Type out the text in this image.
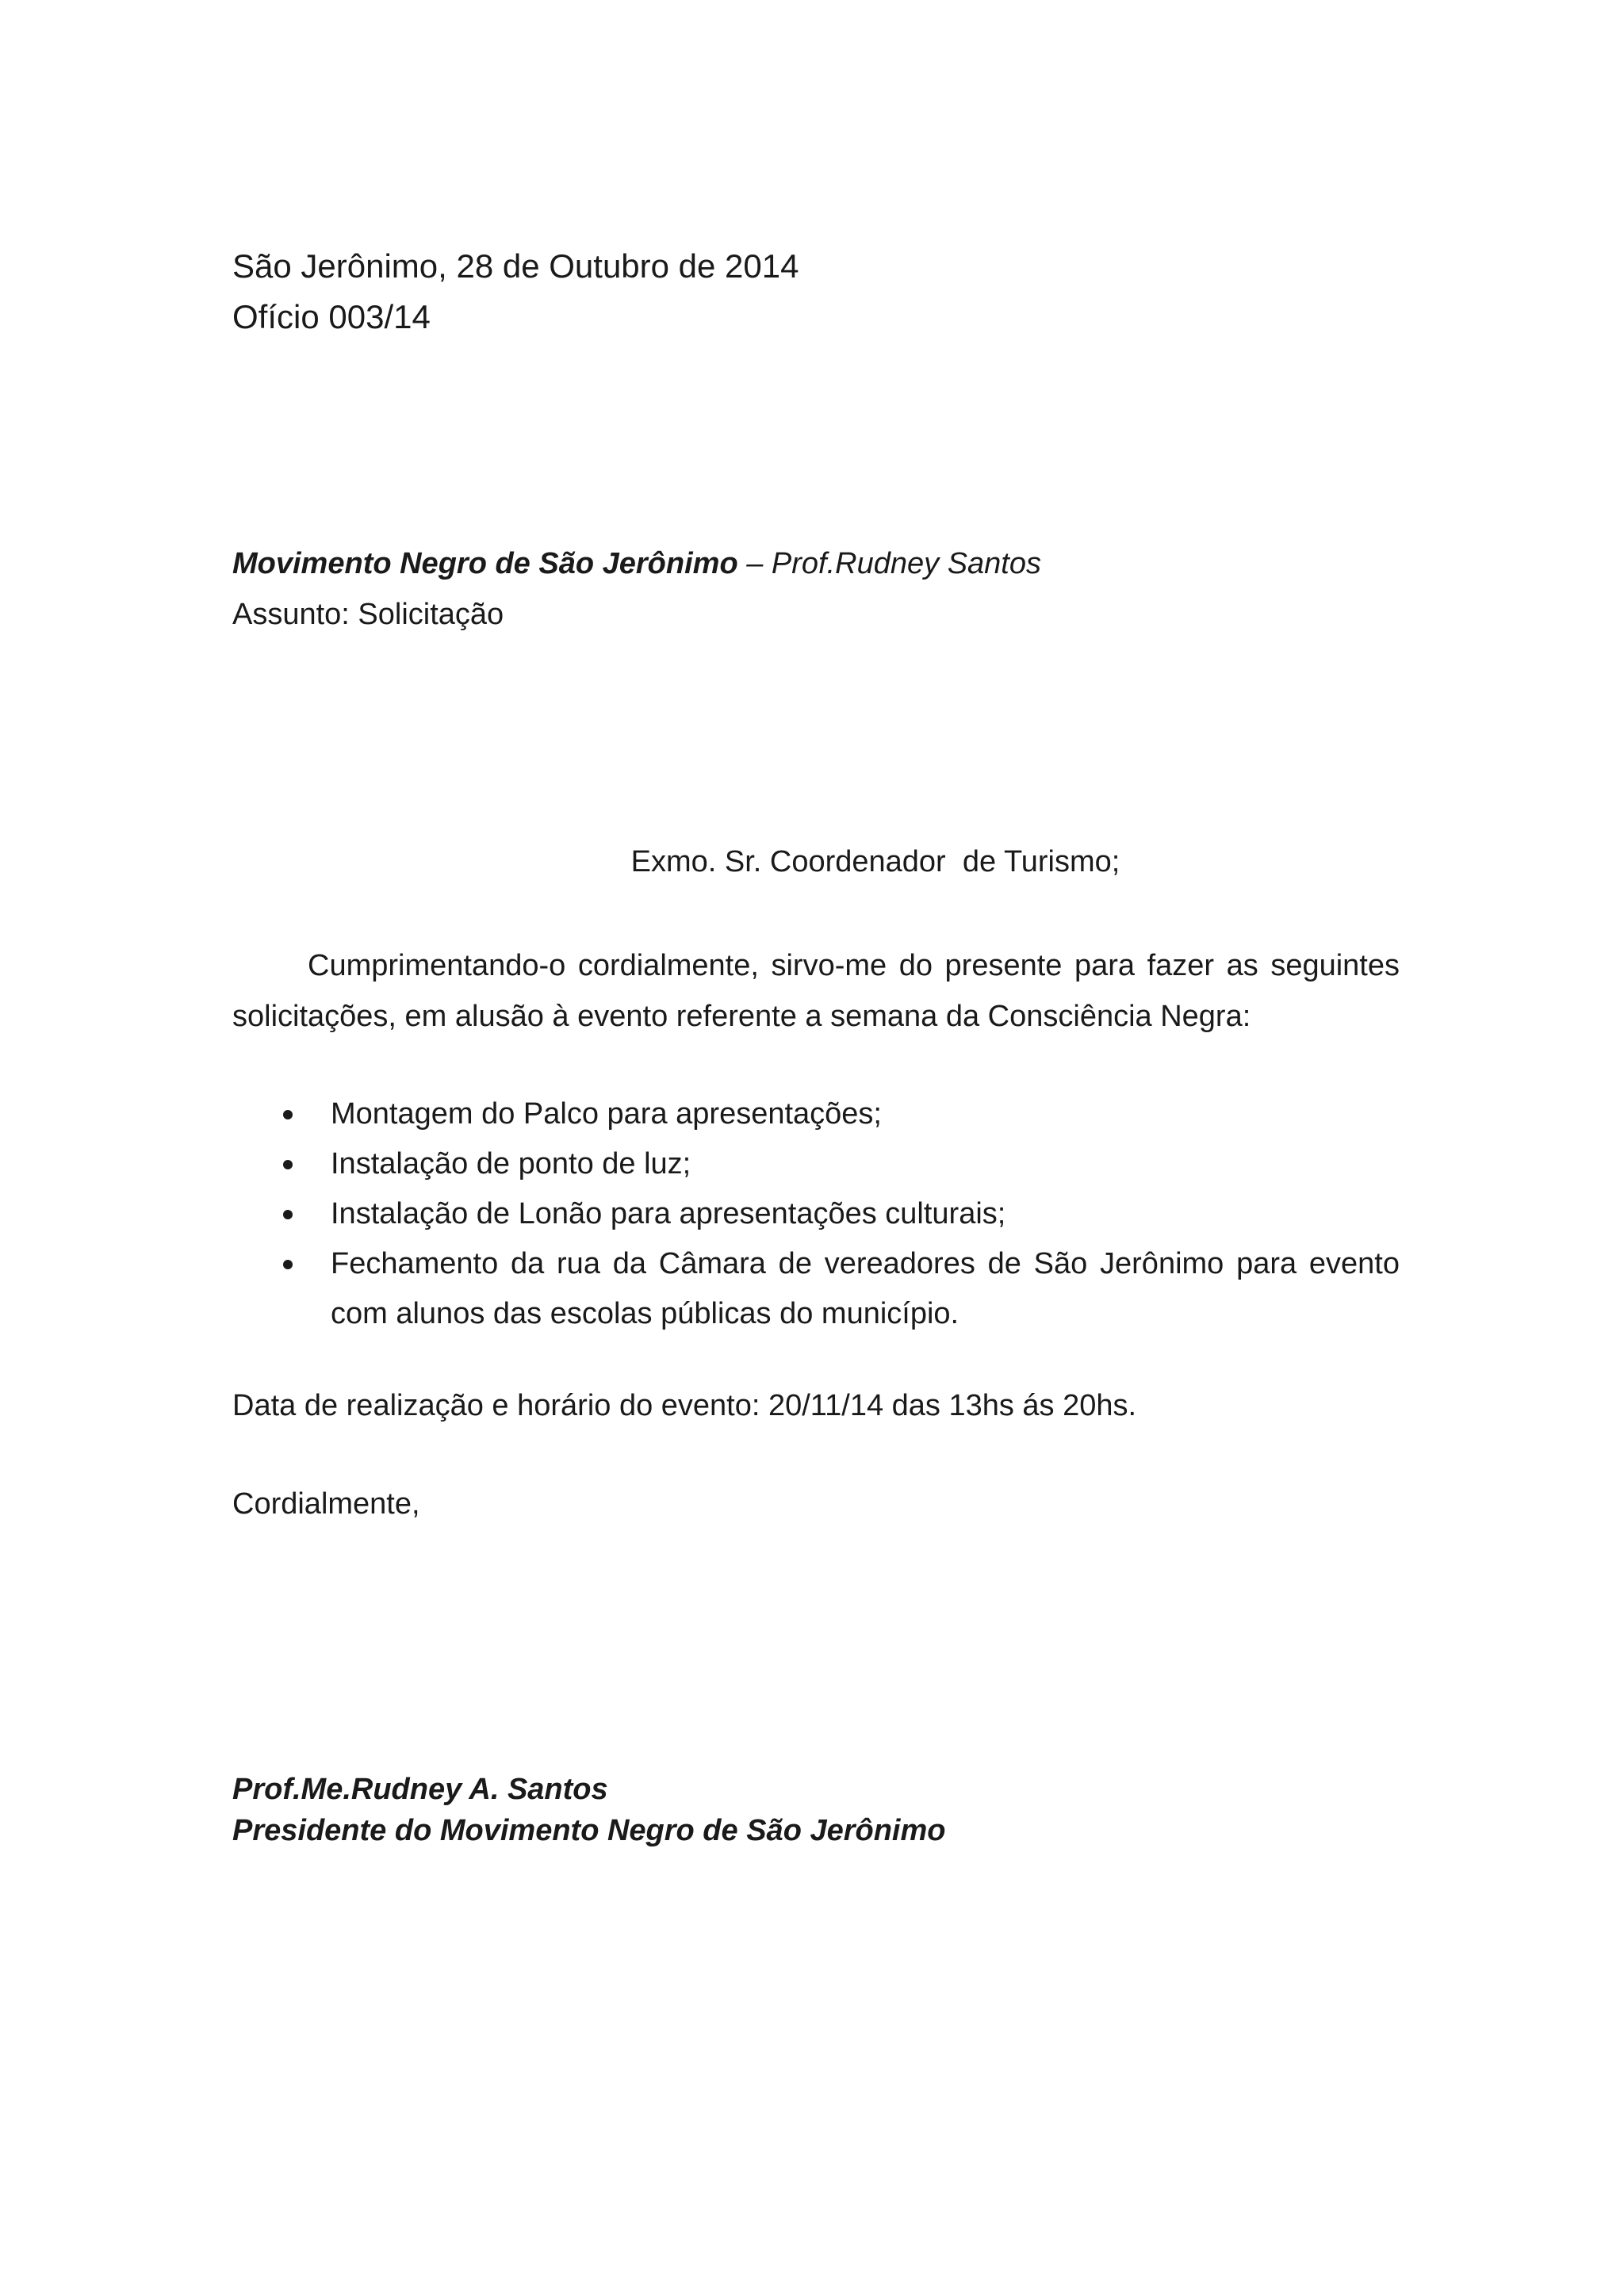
São Jerônimo, 28 de Outubro de 2014
Ofício 003/14
Movimento Negro de São Jerônimo – Prof.Rudney Santos
Assunto: Solicitação
Exmo. Sr. Coordenador  de Turismo;
Cumprimentando-o cordialmente, sirvo-me do presente para fazer as seguintes solicitações, em alusão à evento referente a semana da Consciência Negra:
Montagem do Palco para apresentações;
Instalação de ponto de luz;
Instalação de Lonão para apresentações culturais;
Fechamento da rua da Câmara de vereadores de São Jerônimo para evento com alunos das escolas públicas do município.
Data de realização e horário do evento: 20/11/14 das 13hs ás 20hs.
Cordialmente,
Prof.Me.Rudney A. Santos
Presidente do Movimento Negro de São Jerônimo
